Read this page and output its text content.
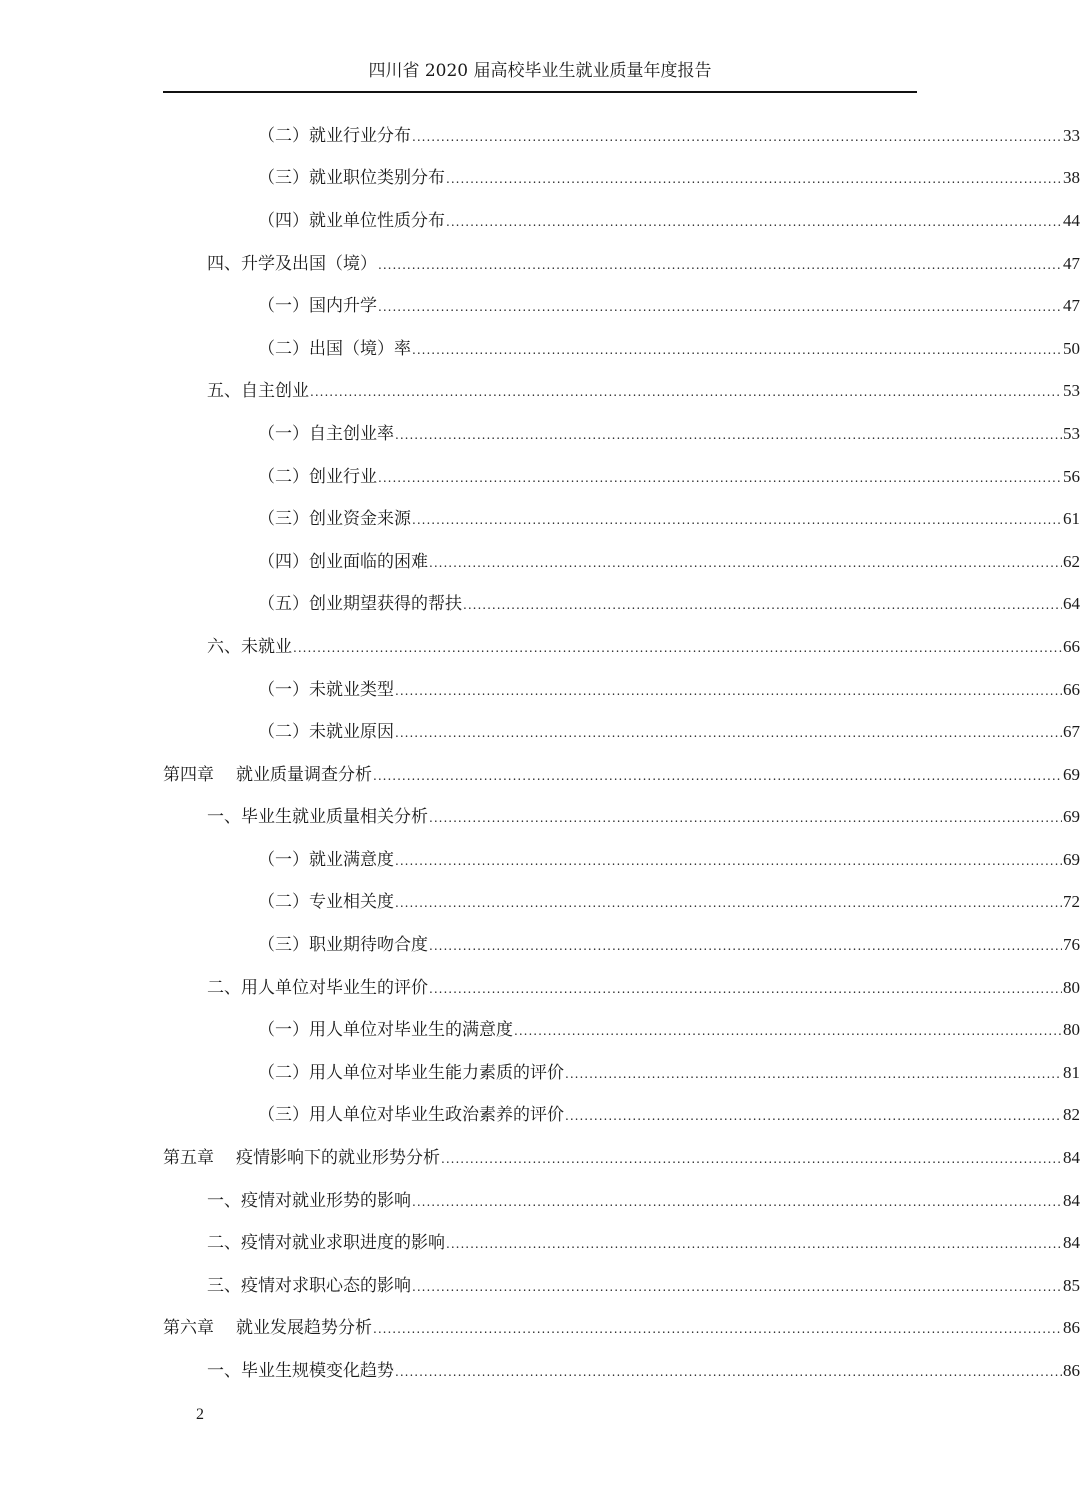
四川省 2020 届高校毕业生就业质量年度报告
（二）就业行业分布 .....	33
（三）就业职位类别分布 .....	38
（四）就业单位性质分布 .....	44
四、升学及出国（境） .....	47
（一）国内升学 .....	47
（二）出国（境）率 .....	50
五、自主创业 .....	53
（一）自主创业率 .....	53
（二）创业行业 .....	56
（三）创业资金来源 .....	61
（四）创业面临的困难 .....	62
（五）创业期望获得的帮扶 .....	64
六、未就业 .....	66
（一）未就业类型 .....	66
（二）未就业原因 .....	67
第四章 就业质量调查分析 .....	69
一、毕业生就业质量相关分析 .....	69
（一）就业满意度 .....	69
（二）专业相关度 .....	72
（三）职业期待吻合度 .....	76
二、用人单位对毕业生的评价 .....	80
（一）用人单位对毕业生的满意度 .....	80
（二）用人单位对毕业生能力素质的评价 .....	81
（三）用人单位对毕业生政治素养的评价 .....	82
第五章 疫情影响下的就业形势分析 .....	84
一、疫情对就业形势的影响 .....	84
二、疫情对就业求职进度的影响 .....	84
三、疫情对求职心态的影响 .....	85
第六章 就业发展趋势分析 .....	86
一、毕业生规模变化趋势 .....	86
2
